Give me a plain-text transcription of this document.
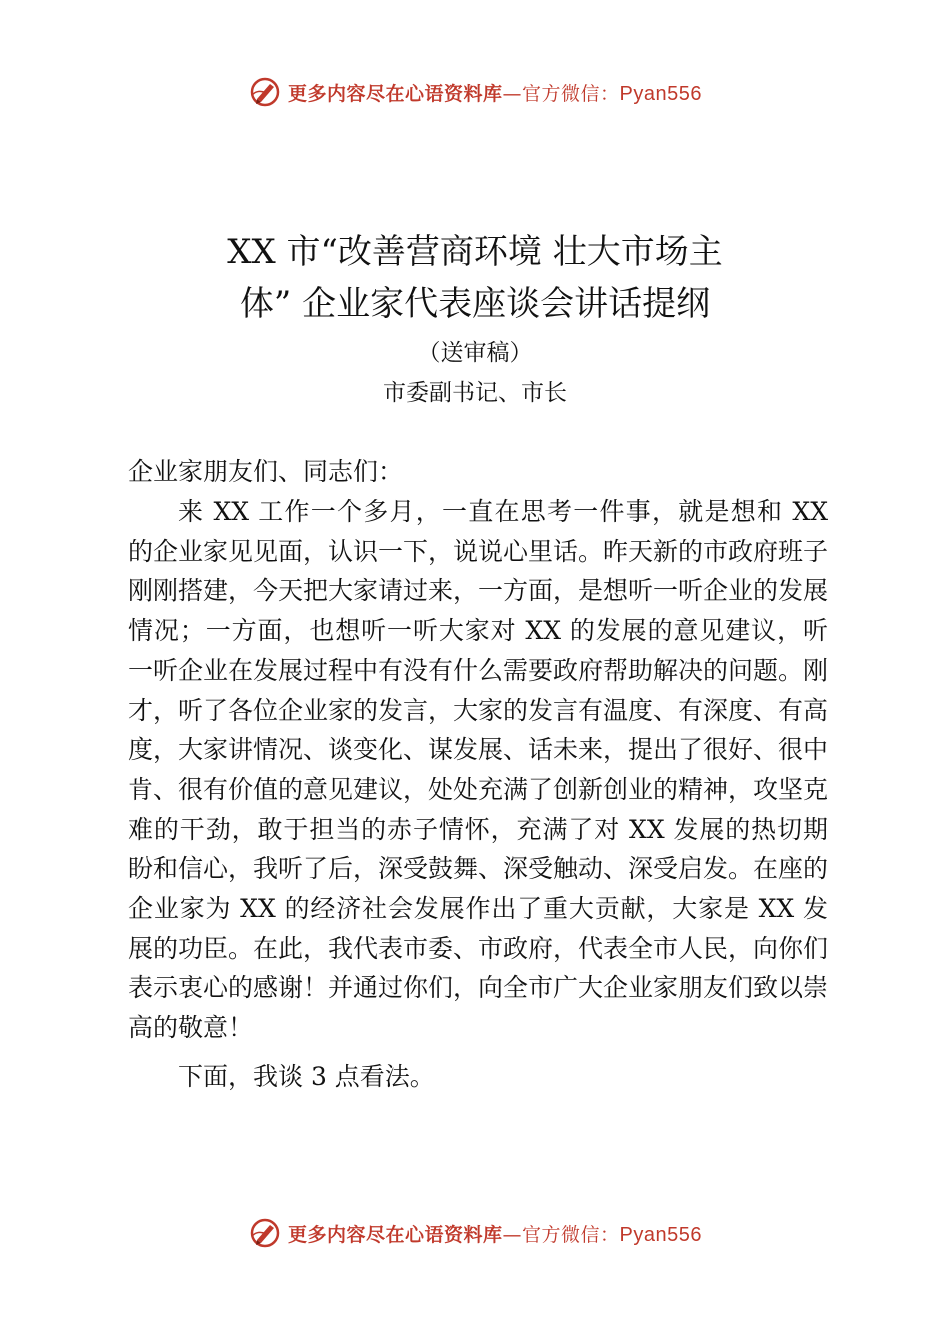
更多内容尽在心语资料库—官方微信：Pyan556
XX 市“改善营商环境 壮大市场主
体” 企业家代表座谈会讲话提纲
（送审稿）
市委副书记、市长
企业家朋友们、同志们：
来 XX 工作一个多月，一直在思考一件事，就是想和 XX 的企业家见见面，认识一下，说说心里话。昨天新的市政府班子刚刚搭建，今天把大家请过来，一方面，是想听一听企业的发展情况；一方面，也想听一听大家对 XX 的发展的意见建议，听一听企业在发展过程中有没有什么需要政府帮助解决的问题。刚才，听了各位企业家的发言，大家的发言有温度、有深度、有高度，大家讲情况、谈变化、谋发展、话未来，提出了很好、很中肯、很有价值的意见建议，处处充满了创新创业的精神，攻坚克难的干劲，敢于担当的赤子情怀，充满了对 XX 发展的热切期盼和信心，我听了后，深受鼓舞、深受触动、深受启发。在座的企业家为 XX 的经济社会发展作出了重大贡献，大家是 XX 发展的功臣。在此，我代表市委、市政府，代表全市人民，向你们表示衷心的感谢！并通过你们，向全市广大企业家朋友们致以崇高的敬意！
下面，我谈 3 点看法。
更多内容尽在心语资料库—官方微信：Pyan556
